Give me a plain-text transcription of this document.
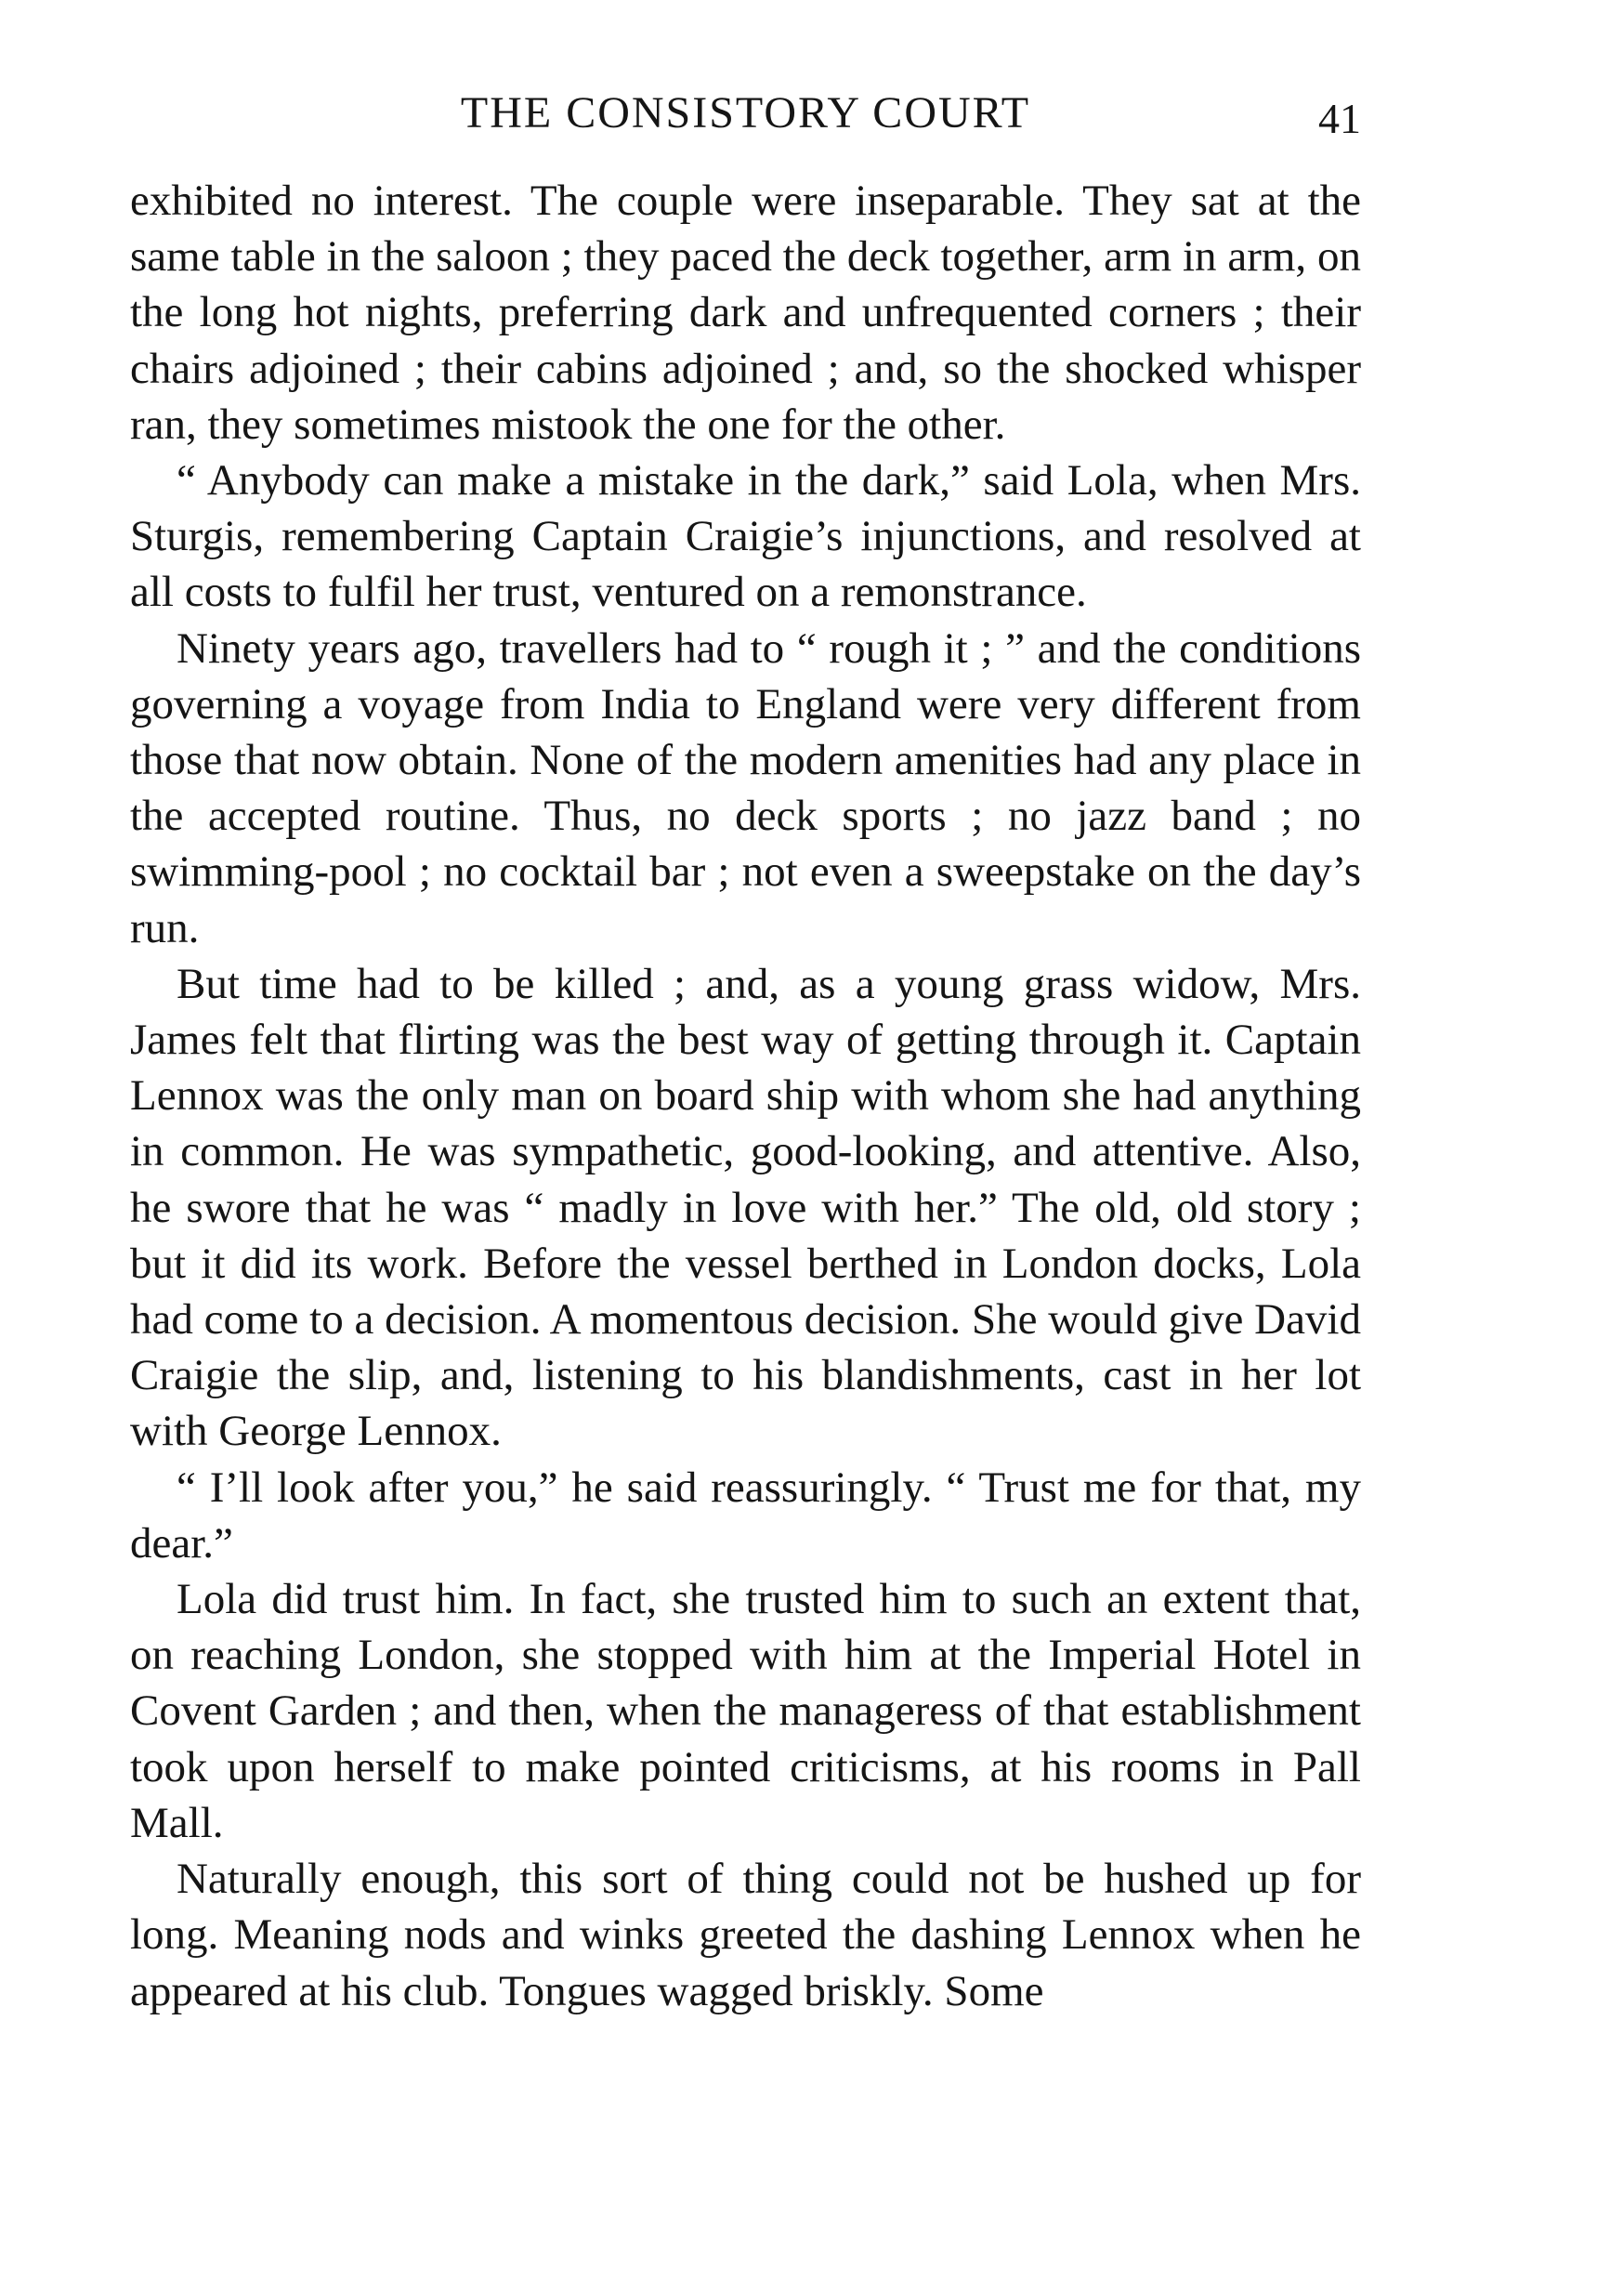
THE CONSISTORY COURT	41

exhibited no interest. The couple were inseparable. They sat at the same table in the saloon ; they paced the deck together, arm in arm, on the long hot nights, preferring dark and unfrequented corners ; their chairs adjoined ; their cabins adjoined ; and, so the shocked whisper ran, they sometimes mistook the one for the other.

“ Anybody can make a mistake in the dark,” said Lola, when Mrs. Sturgis, remembering Captain Craigie’s injunctions, and resolved at all costs to fulfil her trust, ventured on a remonstrance.

Ninety years ago, travellers had to “ rough it ; ” and the conditions governing a voyage from India to England were very different from those that now obtain. None of the modern amenities had any place in the accepted routine. Thus, no deck sports ; no jazz band ; no swimming-pool ; no cocktail bar ; not even a sweepstake on the day’s run.

But time had to be killed ; and, as a young grass widow, Mrs. James felt that flirting was the best way of getting through it. Captain Lennox was the only man on board ship with whom she had anything in common. He was sympathetic, good-looking, and attentive. Also, he swore that he was “ madly in love with her.” The old, old story ; but it did its work. Before the vessel berthed in London docks, Lola had come to a decision. A momentous decision. She would give David Craigie the slip, and, listening to his blandishments, cast in her lot with George Lennox.

“ I’ll look after you,” he said reassuringly. “ Trust me for that, my dear.”

Lola did trust him. In fact, she trusted him to such an extent that, on reaching London, she stopped with him at the Imperial Hotel in Covent Garden ; and then, when the manageress of that establishment took upon herself to make pointed criticisms, at his rooms in Pall Mall.

Naturally enough, this sort of thing could not be hushed up for long. Meaning nods and winks greeted the dashing Lennox when he appeared at his club. Tongues wagged briskly. Some
